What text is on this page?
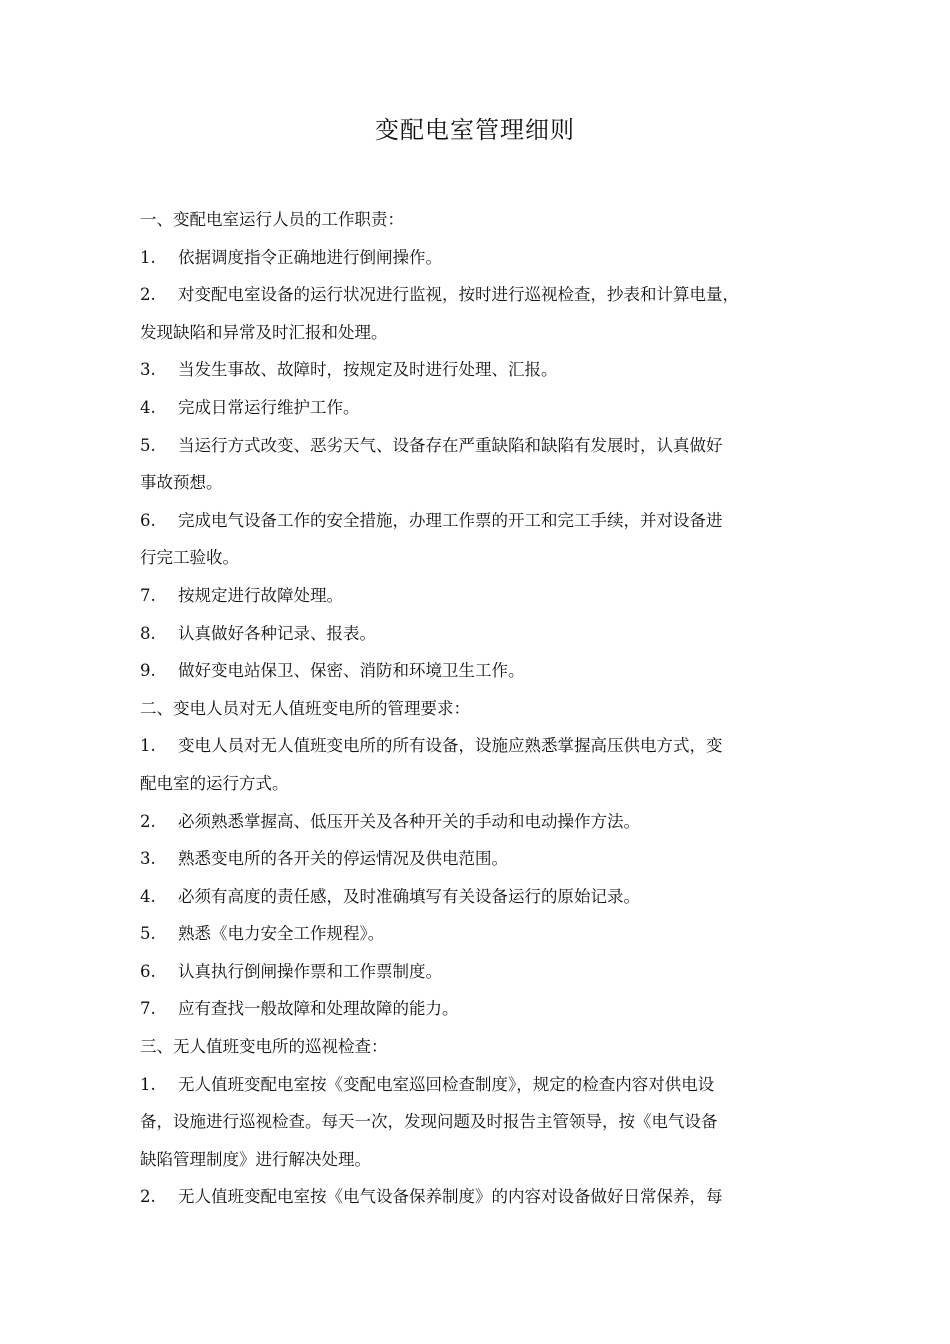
变配电室管理细则
一、变配电室运行人员的工作职责：
1. 依据调度指令正确地进行倒闸操作。
2. 对变配电室设备的运行状况进行监视，按时进行巡视检查，抄表和计算电量，
发现缺陷和异常及时汇报和处理。
3. 当发生事故、故障时，按规定及时进行处理、汇报。
4. 完成日常运行维护工作。
5. 当运行方式改变、恶劣天气、设备存在严重缺陷和缺陷有发展时，认真做好
事故预想。
6. 完成电气设备工作的安全措施，办理工作票的开工和完工手续，并对设备进
行完工验收。
7. 按规定进行故障处理。
8. 认真做好各种记录、报表。
9. 做好变电站保卫、保密、消防和环境卫生工作。
二、变电人员对无人值班变电所的管理要求：
1. 变电人员对无人值班变电所的所有设备，设施应熟悉掌握高压供电方式，变
配电室的运行方式。
2. 必须熟悉掌握高、低压开关及各种开关的手动和电动操作方法。
3. 熟悉变电所的各开关的停运情况及供电范围。
4. 必须有高度的责任感，及时准确填写有关设备运行的原始记录。
5. 熟悉《电力安全工作规程》。
6. 认真执行倒闸操作票和工作票制度。
7. 应有查找一般故障和处理故障的能力。
三、无人值班变电所的巡视检查：
1. 无人值班变配电室按《变配电室巡回检查制度》，规定的检查内容对供电设
备，设施进行巡视检查。每天一次，发现问题及时报告主管领导，按《电气设备
缺陷管理制度》进行解决处理。
2. 无人值班变配电室按《电气设备保养制度》的内容对设备做好日常保养，每
